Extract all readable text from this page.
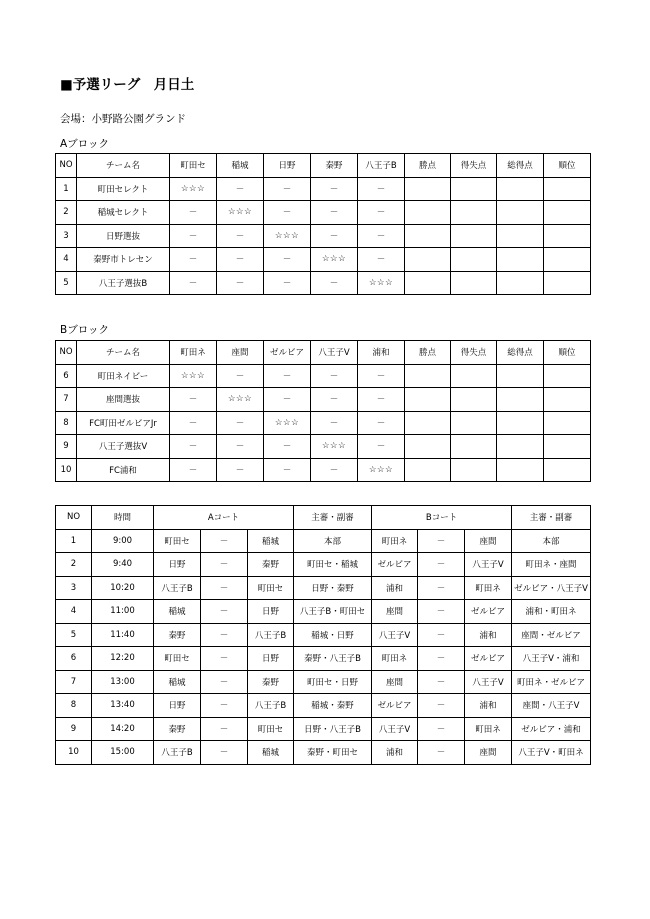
■予選リーグ　月日土
会場：小野路公園グランド
Aブロック
NO	チーム名	町田セ	稲城	日野	秦野	八王子B	勝点	得失点	総得点	順位
1	町田セレクト	☆☆☆	－	－	－	－				
2	稲城セレクト	－	☆☆☆	－	－	－				
3	日野選抜	－	－	☆☆☆	－	－				
4	秦野市トレセン	－	－	－	☆☆☆	－				
5	八王子選抜B	－	－	－	－	☆☆☆				
Bブロック
NO	チーム名	町田ネ	座間	ゼルビア	八王子V	浦和	勝点	得失点	総得点	順位
6	町田ネイビー	☆☆☆	－	－	－	－				
7	座間選抜	－	☆☆☆	－	－	－				
8	FC町田ゼルビアJr	－	－	☆☆☆	－	－				
9	八王子選抜V	－	－	－	☆☆☆	－				
10	FC浦和	－	－	－	－	☆☆☆				
NO	時間	Aコート			主審・副審	Bコート			主審・副審
1	9:00	町田セ	－	稲城	本部	町田ネ	－	座間	本部
2	9:40	日野	－	秦野	町田セ・稲城	ゼルビア	－	八王子V	町田ネ・座間
3	10:20	八王子B	－	町田セ	日野・秦野	浦和	－	町田ネ	ゼルビア・八王子V
4	11:00	稲城	－	日野	八王子B・町田セ	座間	－	ゼルビア	浦和・町田ネ
5	11:40	秦野	－	八王子B	稲城・日野	八王子V	－	浦和	座間・ゼルビア
6	12:20	町田セ	－	日野	秦野・八王子B	町田ネ	－	ゼルビア	八王子V・浦和
7	13:00	稲城	－	秦野	町田セ・日野	座間	－	八王子V	町田ネ・ゼルビア
8	13:40	日野	－	八王子B	稲城・秦野	ゼルビア	－	浦和	座間・八王子V
9	14:20	秦野	－	町田セ	日野・八王子B	八王子V	－	町田ネ	ゼルビア・浦和
10	15:00	八王子B	－	稲城	秦野・町田セ	浦和	－	座間	八王子V・町田ネ
